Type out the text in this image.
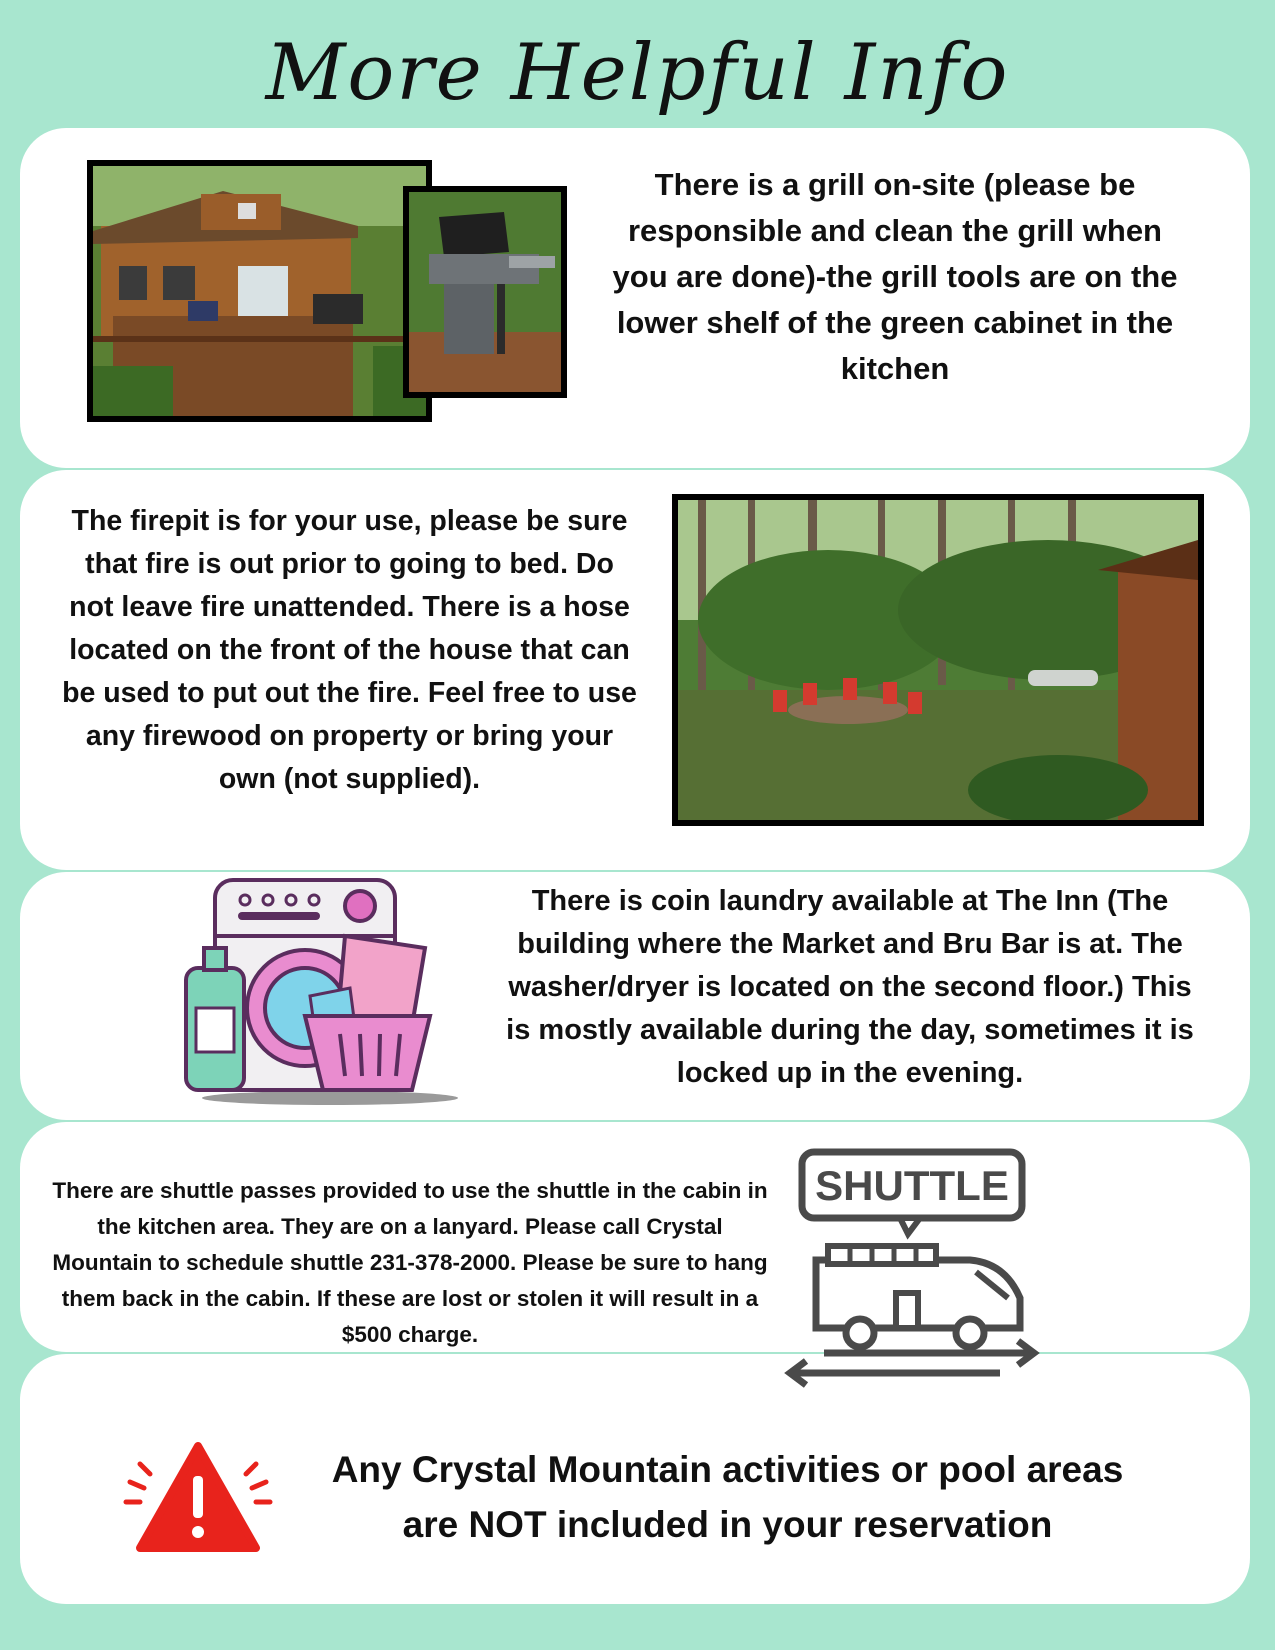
More Helpful Info

There is a grill on-site (please be responsible and clean the grill when you are done)-the grill tools are on the lower shelf of the green cabinet in the kitchen

The firepit is for your use, please be sure that fire is out prior to going to bed. Do not leave fire unattended. There is a hose located on the front of the house that can be used to put out the fire. Feel free to use any firewood on property or bring your own (not supplied).

There is coin laundry available at The Inn (The building where the Market and Bru Bar is at. The washer/dryer is located on the second floor.) This is mostly available during the day, sometimes it is locked up in the evening.

There are shuttle passes provided to use the shuttle in the cabin in the kitchen area. They are on a lanyard. Please call Crystal Mountain to schedule shuttle 231-378-2000. Please be sure to hang them back in the cabin. If these are lost or stolen it will result in a $500 charge.

SHUTTLE

Any Crystal Mountain activities or pool areas are NOT included in your reservation
